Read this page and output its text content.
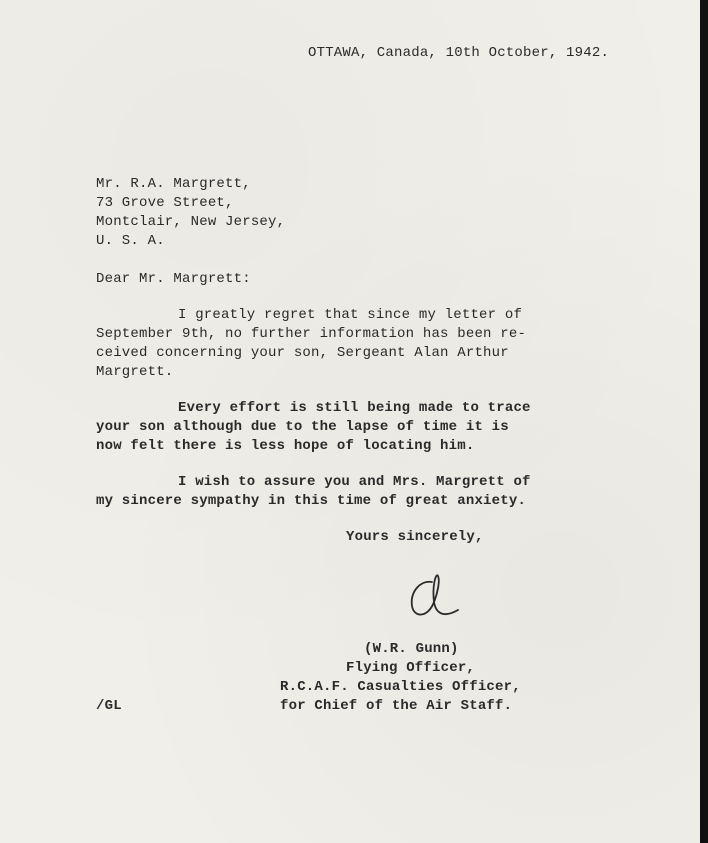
OTTAWA, Canada, 10th October, 1942.
Mr. R.A. Margrett,
73 Grove Street,
Montclair, New Jersey,
U. S. A.
Dear Mr. Margrett:
I greatly regret that since my letter of
September 9th, no further information has been re-
ceived concerning your son, Sergeant Alan Arthur
Margrett.
Every effort is still being made to trace
your son although due to the lapse of time it is
now felt there is less hope of locating him.
I wish to assure you and Mrs. Margrett of
my sincere sympathy in this time of great anxiety.
Yours sincerely,
(W.R. Gunn)
Flying Officer,
R.C.A.F. Casualties Officer,
for Chief of the Air Staff.
/GL
